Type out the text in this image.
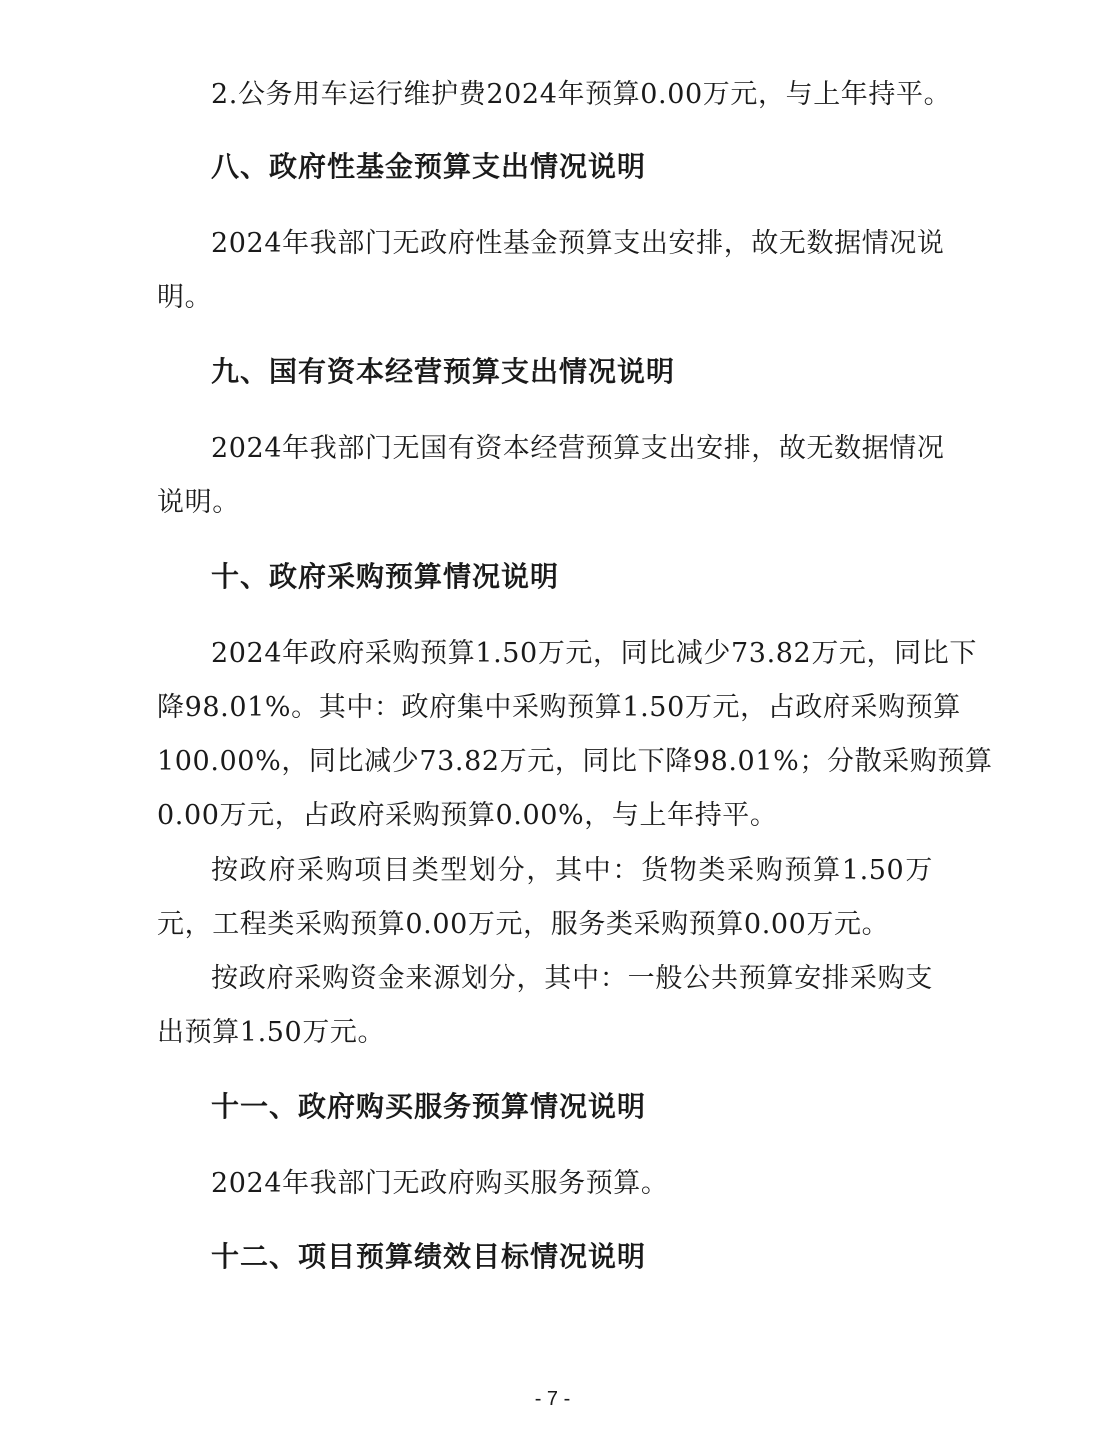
2.公务用车运行维护费2024年预算0.00万元，与上年持平。
八、政府性基金预算支出情况说明
2024年我部门无政府性基金预算支出安排，故无数据情况说
明。
九、国有资本经营预算支出情况说明
2024年我部门无国有资本经营预算支出安排，故无数据情况
说明。
十、政府采购预算情况说明
2024年政府采购预算1.50万元，同比减少73.82万元，同比下
降98.01%。其中：政府集中采购预算1.50万元，占政府采购预算
100.00%，同比减少73.82万元，同比下降98.01%；分散采购预算
0.00万元，占政府采购预算0.00%，与上年持平。
按政府采购项目类型划分，其中：货物类采购预算1.50万
元，工程类采购预算0.00万元，服务类采购预算0.00万元。
按政府采购资金来源划分，其中：一般公共预算安排采购支
出预算1.50万元。
十一、政府购买服务预算情况说明
2024年我部门无政府购买服务预算。
十二、项目预算绩效目标情况说明
- 7 -
